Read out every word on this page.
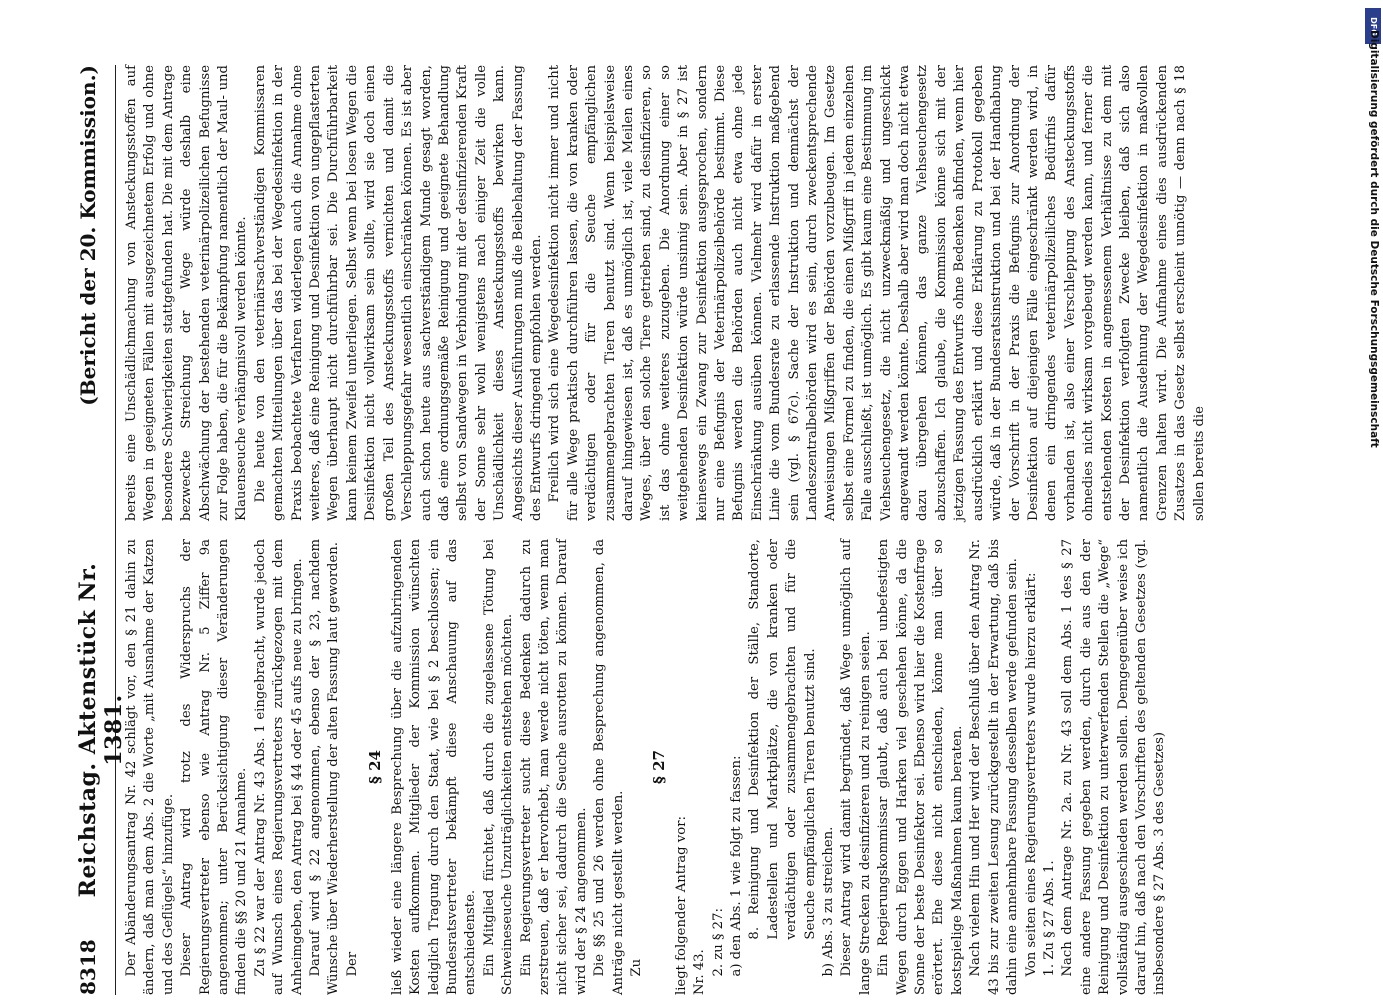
8318
Reichstag. Aktenstück Nr. 1381.
(Bericht der 20. Kommission.)

Der Abänderungsantrag Nr. 42 schlägt vor, den § 21 dahin zu ändern, daß man dem Abs. 2 die Worte „mit Ausnahme der Katzen und des Geflügels“ hinzufüge. Dieser Antrag wird trotz des Widerspruchs der Regierungsvertreter ebenso wie Antrag Nr. 5 Ziffer 9a angenommen; unter Berücksichtigung dieser Veränderungen finden die §§ 20 und 21 Annahme. Zu § 22 war der Antrag Nr. 43 Abs. 1 eingebracht, wurde jedoch auf Wunsch eines Regierungsvertreters zurückgezogen mit dem Anheimgeben, den Antrag bei § 44 oder 45 aufs neue zu bringen. Darauf wird § 22 angenommen, ebenso der § 23, nachdem Wünsche über Wiederherstellung der alten Fassung laut geworden. Der

§ 24 ließ wieder eine längere Besprechung über die aufzubringenden Kosten aufkommen. Mitglieder der Kommission wünschten lediglich Tragung durch den Staat, wie bei § 2 beschlossen; ein Bundesratsvertreter bekämpft diese Anschauung auf das entschiedenste. Ein Mitglied fürchtet, daß durch die zugelassene Tötung bei Schweineseuche Unzuträglichkeiten entstehen möchten. Ein Regierungsvertreter sucht diese Bedenken dadurch zu zerstreuen, daß er hervorhebt, man werde nicht töten, wenn man nicht sicher sei, dadurch die Seuche ausrotten zu können. Darauf wird der § 24 angenommen. Die §§ 25 und 26 werden ohne Besprechung angenommen, da Anträge nicht gestellt werden. Zu

§ 27

liegt folgender Antrag vor: Nr. 43. 2. zu § 27: a) den Abs. 1 wie folgt zu fassen: 8. Reinigung und Desinfektion der Ställe, Standorte, Ladestellen und Marktplätze, die von kranken oder verdächtigen oder zusammengebrachten und für die Seuche empfänglichen Tieren benutzt sind. b) Abs. 3 zu streichen. Dieser Antrag wird damit begründet, daß Wege unmöglich auf lange Strecken zu desinfizieren und zu reinigen seien. Ein Regierungskommissar glaubt, daß auch bei unbefestigten Wegen durch Eggen und Harken viel geschehen könne, da die Sonne der beste Desinfektor sei. Ebenso wird hier die Kostenfrage erörtert. Ehe diese nicht entschieden, könne man über so kostspielige Maßnahmen kaum beraten. Nach vielem Hin und Her wird der Beschluß über den Antrag Nr. 43 bis zur zweiten Lesung zurückgestellt in der Erwartung, daß bis dahin eine annehmbare Fassung desselben werde gefunden sein. Von seiten eines Regierungsvertreters wurde hierzu erklärt: 1. Zu § 27 Abs. 1. Nach dem Antrage Nr. 2a. zu Nr. 43 soll dem Abs. 1 des § 27 eine andere Fassung gegeben werden, durch die aus den der Reinigung und Desinfektion zu unterwerfenden Stellen die „Wege“ vollständig ausgeschieden werden sollen. Demgegenüber weise ich darauf hin, daß nach den Vorschriften des geltenden Gesetzes (vgl. insbesondere § 27 Abs. 3 des Gesetzes)

bereits eine Unschädlichmachung von Ansteckungsstoffen auf Wegen in geeigneten Fällen mit ausgezeichnetem Erfolg und ohne besondere Schwierigkeiten stattgefunden hat. Die mit dem Antrage bezweckte Streichung der Wege würde deshalb eine Abschwächung der bestehenden veterinärpolizeilichen Befugnisse zur Folge haben, die für die Bekämpfung namentlich der Maul- und Klauenseuche verhängnisvoll werden könnte. Die heute von den veterinärsachverständigen Kommissaren gemachten Mitteilungen über das bei der Wegedesinfektion in der Praxis beobachtete Verfahren widerlegen auch die Annahme ohne weiteres, daß eine Reinigung und Desinfektion von ungepflasterten Wegen überhaupt nicht durchführbar sei. Die Durchführbarkeit kann keinem Zweifel unterliegen. Selbst wenn bei losen Wegen die Desinfektion nicht vollwirksam sein sollte, wird sie doch einen großen Teil des Ansteckungsstoffs vernichten und damit die Verschleppungsgefahr wesentlich einschränken können. Es ist aber auch schon heute aus sachverständigem Munde gesagt worden, daß eine ordnungsgemäße Reinigung und geeignete Behandlung selbst von Sandwegen in Verbindung mit der desinfizierenden Kraft der Sonne sehr wohl wenigstens nach einiger Zeit die volle Unschädlichkeit dieses Ansteckungsstoffs bewirken kann. Angesichts dieser Ausführungen muß die Beibehaltung der Fassung des Entwurfs dringend empfohlen werden. Freilich wird sich eine Wegedesinfektion nicht immer und nicht für alle Wege praktisch durchführen lassen, die von kranken oder verdächtigen oder für die Seuche empfänglichen zusammengebrachten Tieren benutzt sind. Wenn beispielsweise darauf hingewiesen ist, daß es unmöglich ist, viele Meilen eines Weges, über den solche Tiere getrieben sind, zu desinfizieren, so ist das ohne weiteres zuzugeben. Die Anordnung einer so weitgehenden Desinfektion würde unsinnig sein. Aber in § 27 ist keineswegs ein Zwang zur Desinfektion ausgesprochen, sondern nur eine Befugnis der Veterinärpolizeibehörde bestimmt. Diese Befugnis werden die Behörden auch nicht etwa ohne jede Einschränkung ausüben können. Vielmehr wird dafür in erster Linie die vom Bundesrate zu erlassende Instruktion maßgebend sein (vgl. § 67c). Sache der Instruktion und demnächst der Landeszentralbehörden wird es sein, durch zweckentsprechende Anweisungen Mißgriffen der Behörden vorzubeugen. Im Gesetze selbst eine Formel zu finden, die einen Mißgriff in jedem einzelnen Falle ausschließt, ist unmöglich. Es gibt kaum eine Bestimmung im Viehseuchengesetz, die nicht unzweckmäßig und ungeschickt angewandt werden könnte. Deshalb aber wird man doch nicht etwa dazu übergehen können, das ganze Viehseuchengesetz abzuschaffen. Ich glaube, die Kommission könne sich mit der jetzigen Fassung des Entwurfs ohne Bedenken abfinden, wenn hier ausdrücklich erklärt und diese Erklärung zu Protokoll gegeben würde, daß in der Bundesratsinstruktion und bei der Handhabung der Vorschrift in der Praxis die Befugnis zur Anordnung der Desinfektion auf diejenigen Fälle eingeschränkt werden wird, in denen ein dringendes veterinärpolizeiliches Bedürfnis dafür vorhanden ist, also einer Verschleppung des Ansteckungsstoffs ohnedies nicht wirksam vorgebeugt werden kann, und ferner die entstehenden Kosten in angemessenem Verhältnisse zu dem mit der Desinfektion verfolgten Zwecke bleiben, daß sich also namentlich die Ausdehnung der Wegedesinfektion in maßvollen Grenzen halten wird. Die Aufnahme eines dies ausdrückenden Zusatzes in das Gesetz selbst erscheint unnötig — denn nach § 18 sollen bereits die

DFG
Digitalisierung gefördert durch die Deutsche Forschungsgemeinschaft
